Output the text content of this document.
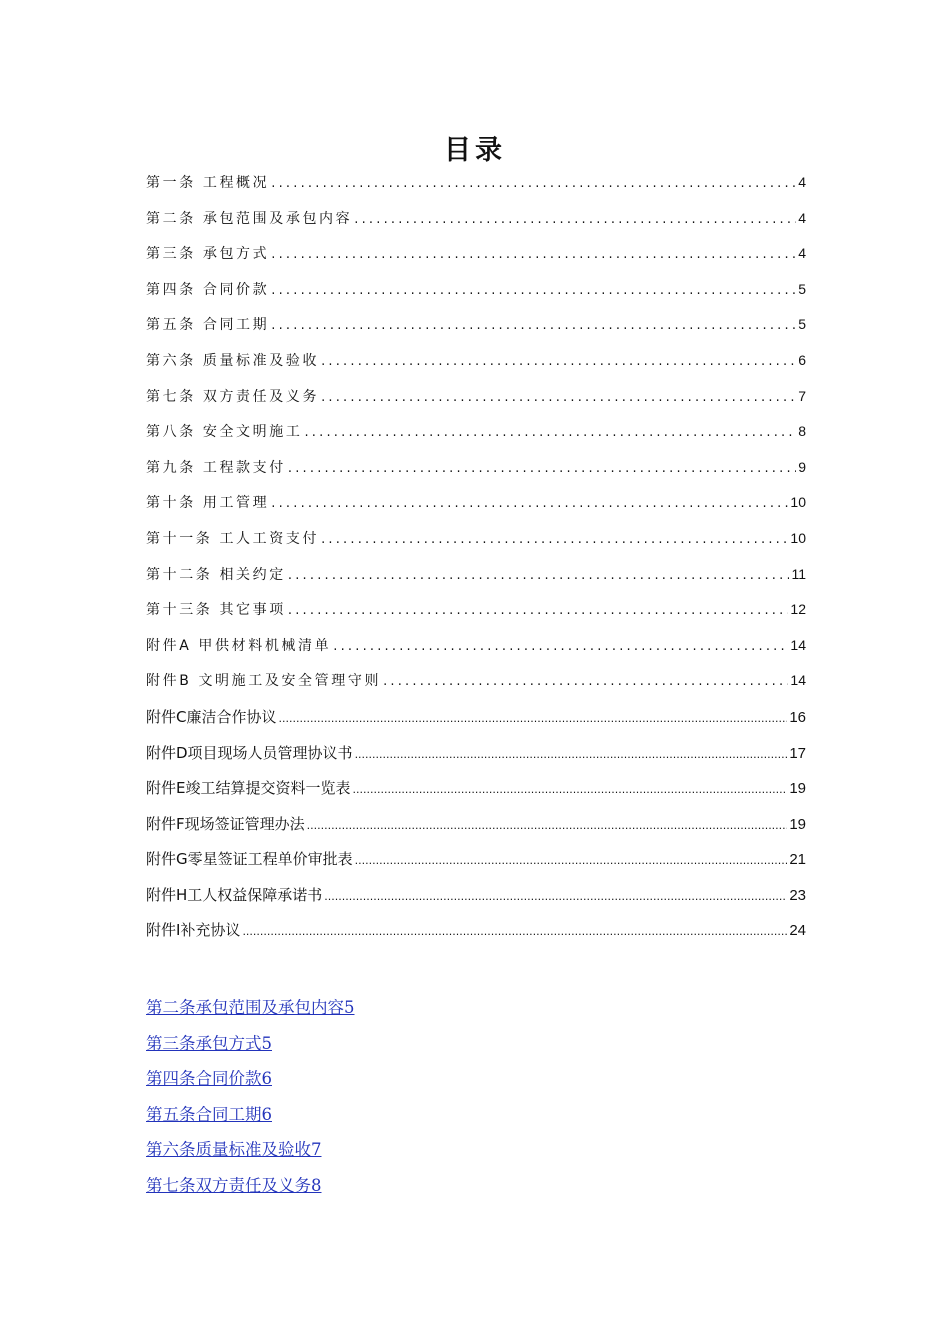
目录
第一条 工程概况 .....	4
第二条 承包范围及承包内容 .....	4
第三条 承包方式 .....	4
第四条 合同价款 .....	5
第五条 合同工期 .....	5
第六条 质量标准及验收 .....	6
第七条 双方责任及义务 .....	7
第八条 安全文明施工 .....	8
第九条 工程款支付 .....	9
第十条 用工管理 .....	10
第十一条 工人工资支付 .....	10
第十二条 相关约定 .....	11
第十三条 其它事项 .....	12
附件A 甲供材料机械清单 .....	14
附件B 文明施工及安全管理守则 .....	14
附件C廉洁合作协议 .....	16
附件D项目现场人员管理协议书 .....	17
附件E竣工结算提交资料一览表 .....	19
附件F现场签证管理办法 .....	19
附件G零星签证工程单价审批表 .....	21
附件H工人权益保障承诺书 .....	23
附件I补充协议 .....	24
第二条承包范围及承包内容5
第三条承包方式5
第四条合同价款6
第五条合同工期6
第六条质量标准及验收7
第七条双方责任及义务8
